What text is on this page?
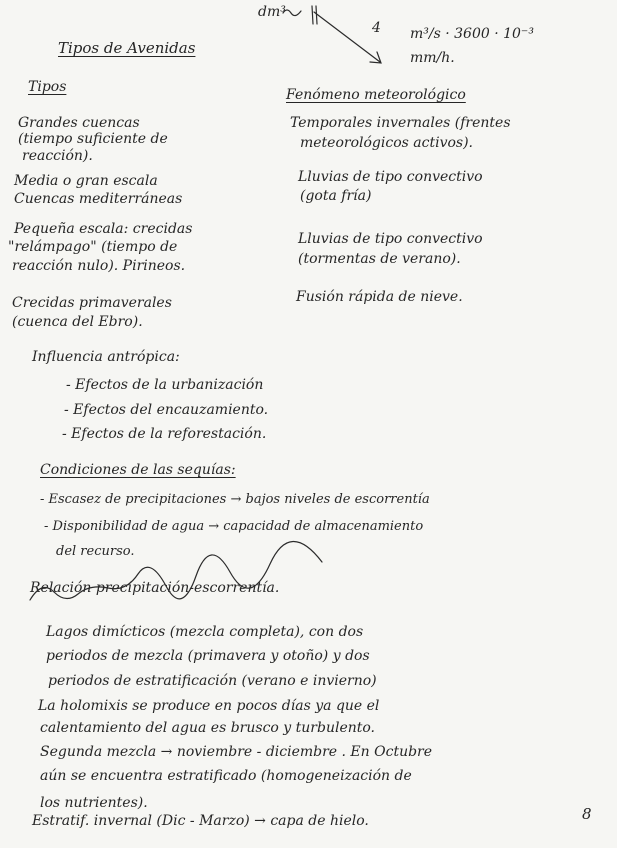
dm³
4 m³/s · 3600 · 10⁻³
mm/h.
Tipos de Avenidas
Tipos
Grandes cuencas
(tiempo suficiente de
reacción).
Media o gran escala
Cuencas mediterráneas
Pequeña escala: crecidas
"relámpago" (tiempo de
reacción nulo). Pirineos.
Crecidas primaverales
(cuenca del Ebro).
Fenómeno meteorológico
Temporales invernales (frentes
meteorológicos activos).
Lluvias de tipo convectivo
(gota fría)
Lluvias de tipo convectivo
(tormentas de verano).
Fusión rápida de nieve.
Influencia antrópica:
- Efectos de la urbanización
- Efectos del encauzamiento.
- Efectos de la reforestación.
Condiciones de las sequías:
- Escasez de precipitaciones → bajos niveles de escorrentía
- Disponibilidad de agua → capacidad de almacenamiento
del recurso.
Relación precipitación-escorrentía.
Lagos dimícticos (mezcla completa), con dos
periodos de mezcla (primavera y otoño) y dos
periodos de estratificación (verano e invierno)
La holomixis se produce en pocos días ya que el
calentamiento del agua es brusco y turbulento.
Segunda mezcla → noviembre - diciembre . En Octubre
aún se encuentra estratificado (homogeneización de
los nutrientes).
Estratif. invernal (Dic - Marzo) → capa de hielo.	8
